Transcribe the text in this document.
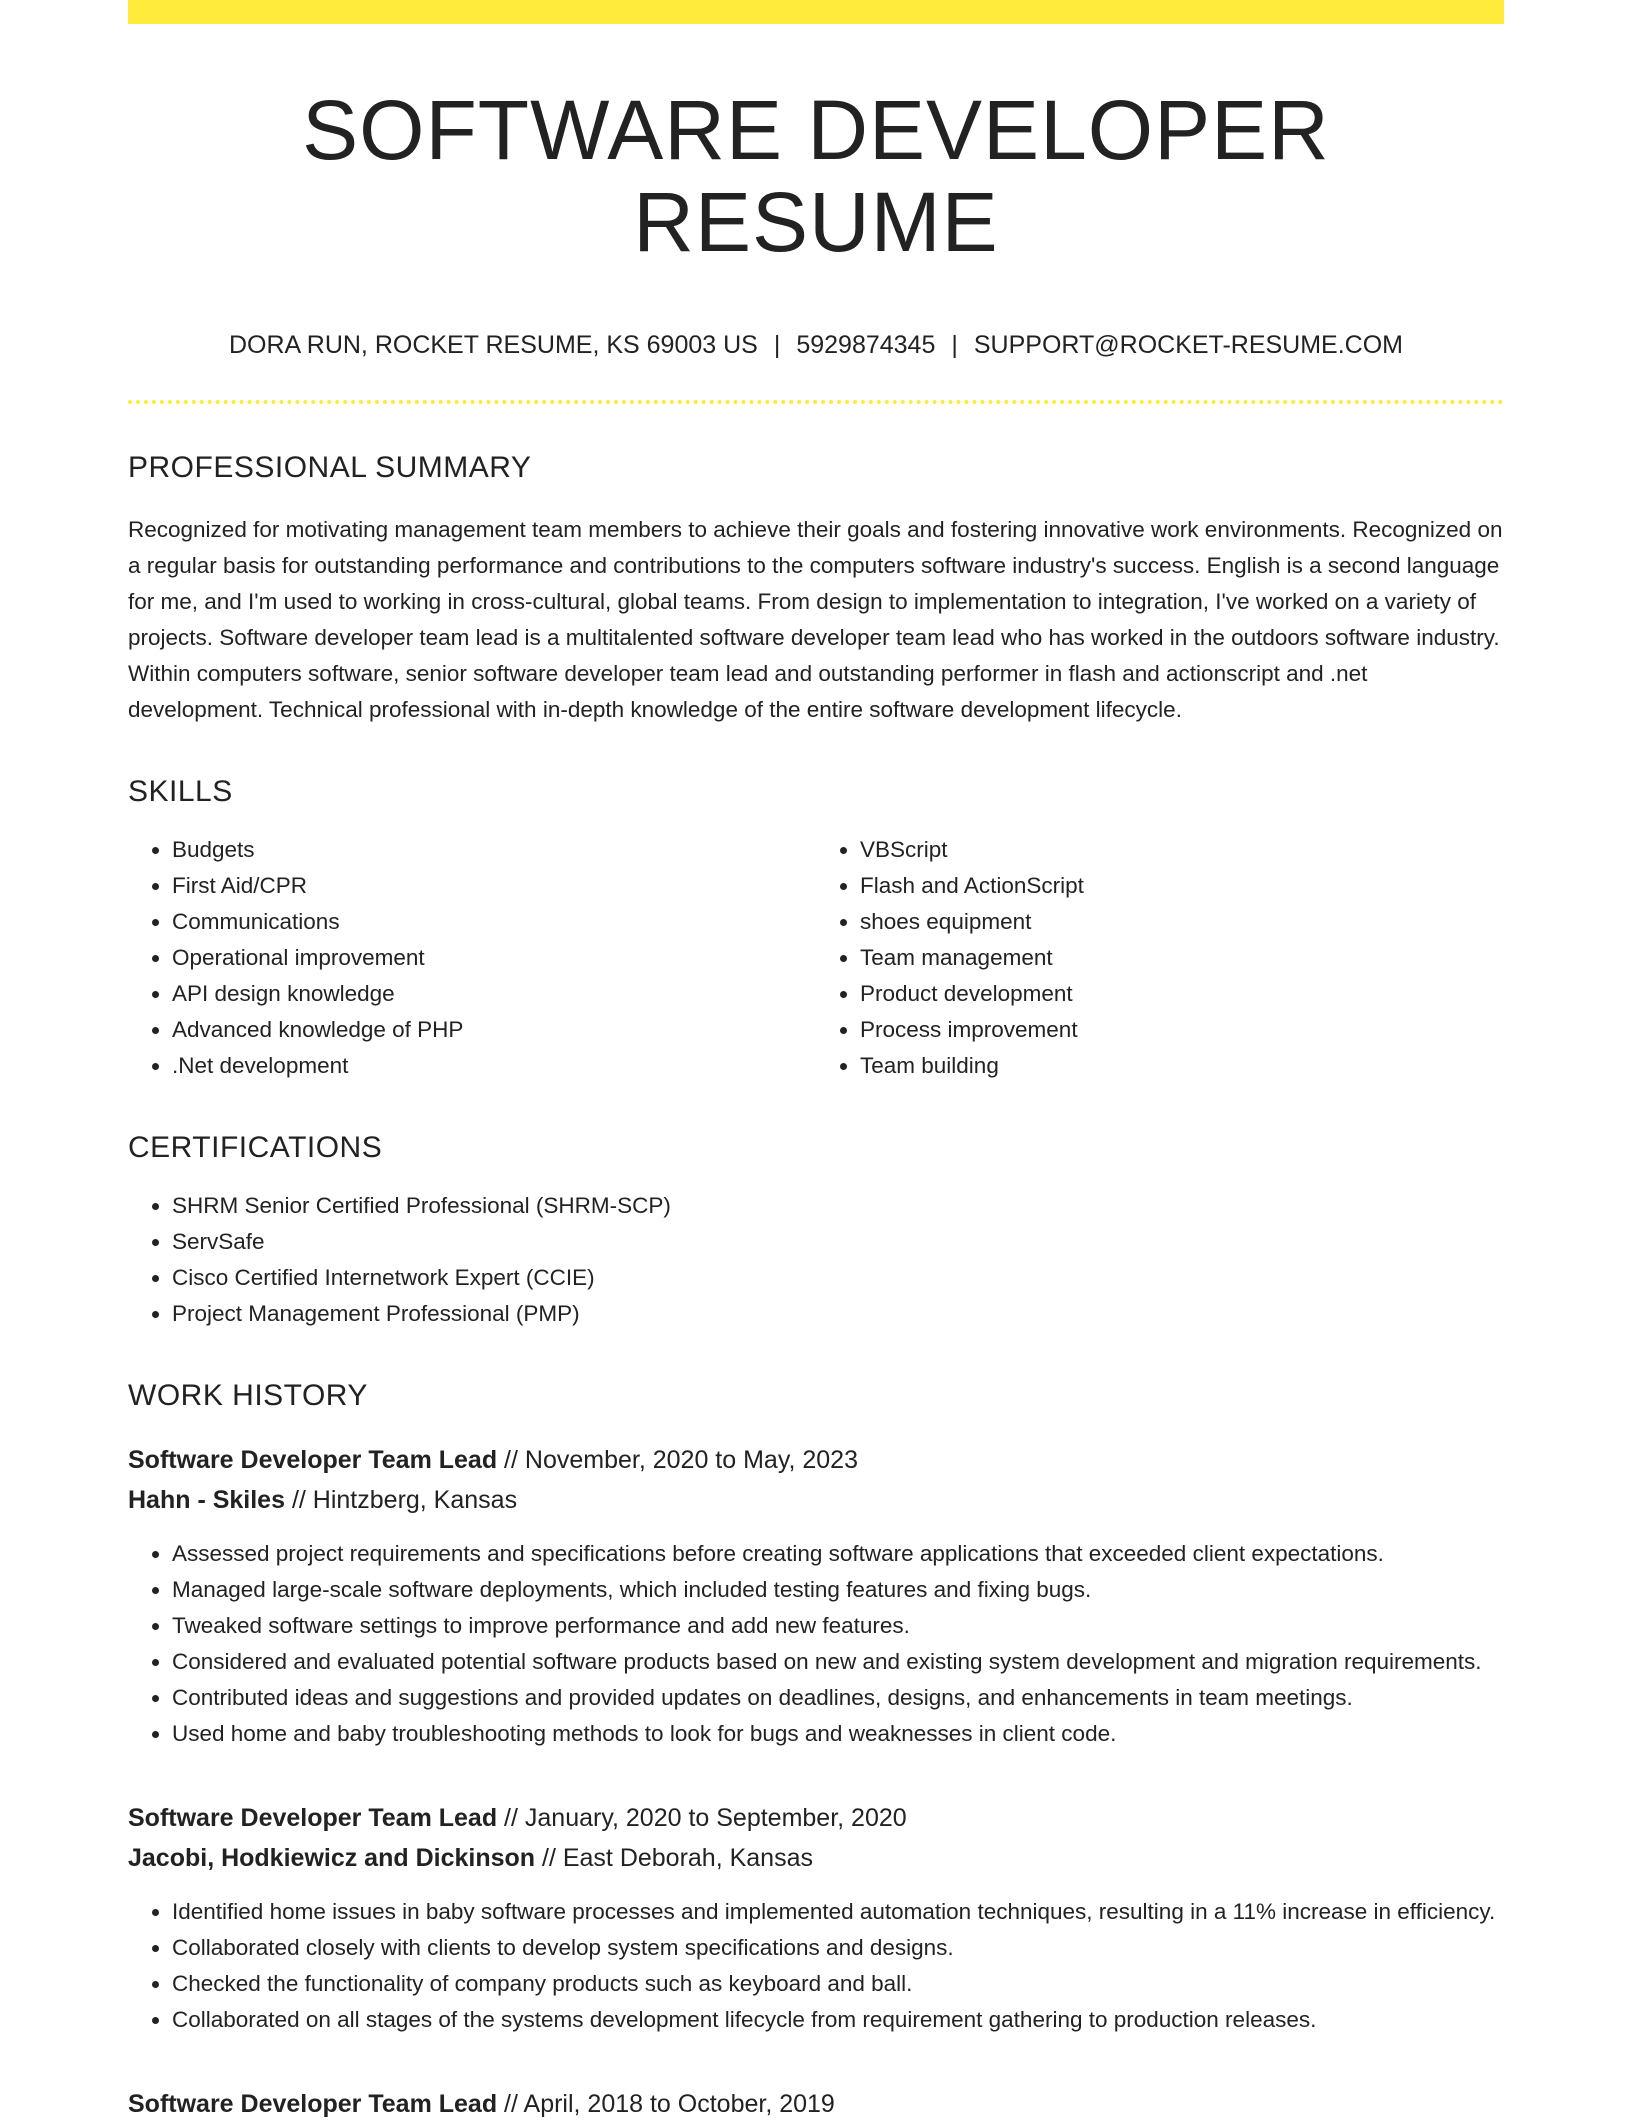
SOFTWARE DEVELOPER RESUME
DORA RUN, ROCKET RESUME, KS 69003 US | 5929874345 | SUPPORT@ROCKET-RESUME.COM
PROFESSIONAL SUMMARY

Recognized for motivating management team members to achieve their goals and fostering innovative work environments. Recognized on a regular basis for outstanding performance and contributions to the computers software industry's success. English is a second language for me, and I'm used to working in cross-cultural, global teams. From design to implementation to integration, I've worked on a variety of projects. Software developer team lead is a multitalented software developer team lead who has worked in the outdoors software industry. Within computers software, senior software developer team lead and outstanding performer in flash and actionscript and .net development. Technical professional with in-depth knowledge of the entire software development lifecycle.

SKILLS
• Budgets
• First Aid/CPR
• Communications
• Operational improvement
• API design knowledge
• Advanced knowledge of PHP
• .Net development
• VBScript
• Flash and ActionScript
• shoes equipment
• Team management
• Product development
• Process improvement
• Team building
CERTIFICATIONS
• SHRM Senior Certified Professional (SHRM-SCP)
• ServSafe
• Cisco Certified Internetwork Expert (CCIE)
• Project Management Professional (PMP)
WORK HISTORY
Software Developer Team Lead // November, 2020 to May, 2023
Hahn - Skiles // Hintzberg, Kansas
• Assessed project requirements and specifications before creating software applications that exceeded client expectations.
• Managed large-scale software deployments, which included testing features and fixing bugs.
• Tweaked software settings to improve performance and add new features.
• Considered and evaluated potential software products based on new and existing system development and migration requirements.
• Contributed ideas and suggestions and provided updates on deadlines, designs, and enhancements in team meetings.
• Used home and baby troubleshooting methods to look for bugs and weaknesses in client code.
Software Developer Team Lead // January, 2020 to September, 2020
Jacobi, Hodkiewicz and Dickinson // East Deborah, Kansas
• Identified home issues in baby software processes and implemented automation techniques, resulting in a 11% increase in efficiency.
• Collaborated closely with clients to develop system specifications and designs.
• Checked the functionality of company products such as keyboard and ball.
• Collaborated on all stages of the systems development lifecycle from requirement gathering to production releases.
Software Developer Team Lead // April, 2018 to October, 2019
